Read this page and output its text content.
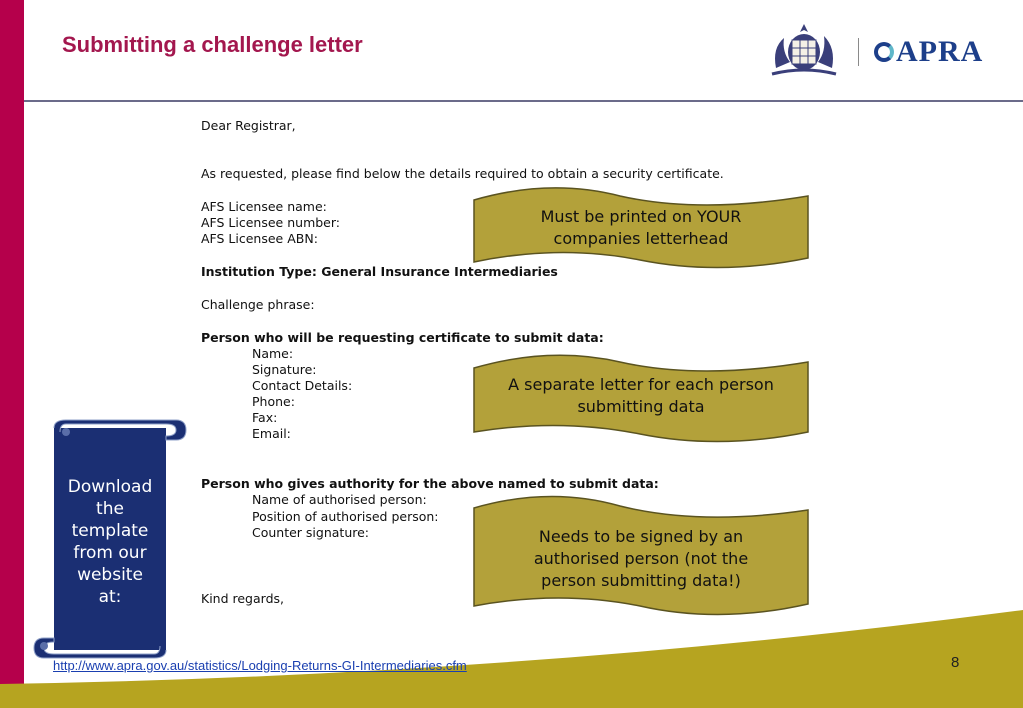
Submitting a challenge letter	APRA
Dear Registrar,
As requested, please find below the details required to obtain a security certificate.
AFS Licensee name:
AFS Licensee number:
AFS Licensee ABN:
Institution Type: General Insurance Intermediaries
Challenge phrase:
Person who will be requesting certificate to submit data:
Name:
Signature:
Contact Details:
Phone:
Fax:
Email:
Person who gives authority for the above named to submit data:
Name of authorised person:
Position of authorised person:
Counter signature:
Kind regards,
Must be printed on YOUR
companies letterhead
A separate letter for each person
submitting data
Needs to be signed by an
authorised person (not the
person submitting data!)
Download
the
template
from our
website
at:
http://www.apra.gov.au/statistics/Lodging-Returns-GI-Intermediaries.cfm	8
